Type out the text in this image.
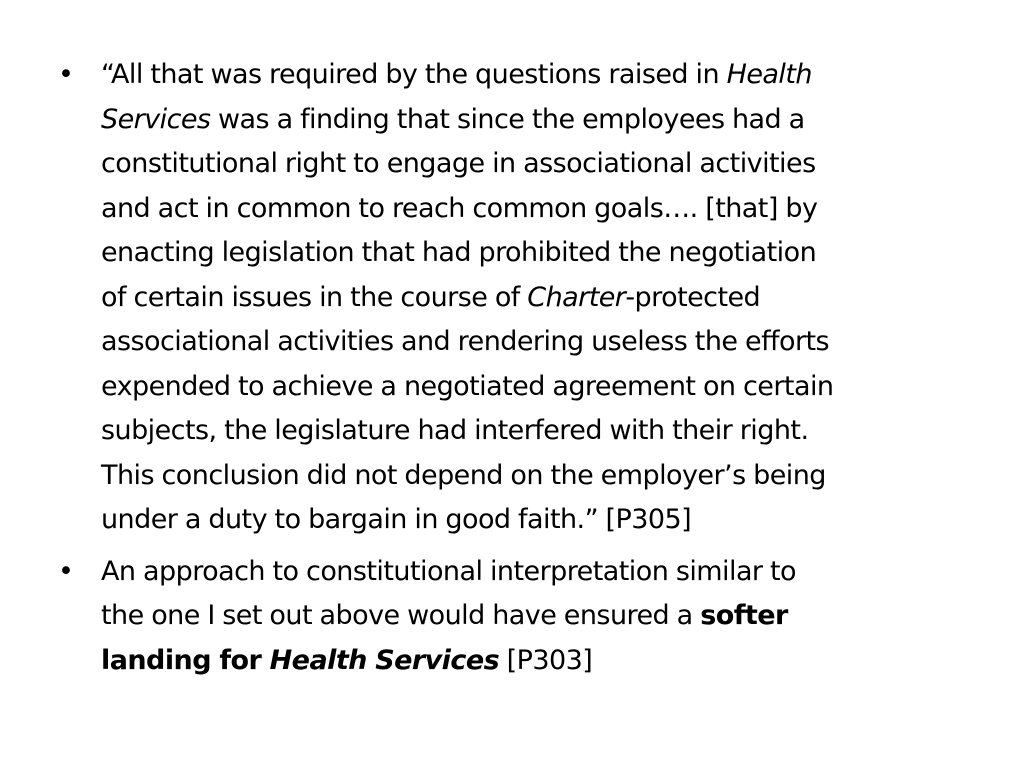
•	“All that was required by the questions raised in Health
Services was a finding that since the employees had a
constitutional right to engage in associational activities
and act in common to reach common goals…. [that] by
enacting legislation that had prohibited the negotiation
of certain issues in the course of Charter-protected
associational activities and rendering useless the efforts
expended to achieve a negotiated agreement on certain
subjects, the legislature had interfered with their right.
This conclusion did not depend on the employer’s being
under a duty to bargain in good faith.” [P305]
•	An approach to constitutional interpretation similar to
the one I set out above would have ensured a softer
landing for Health Services [P303]
